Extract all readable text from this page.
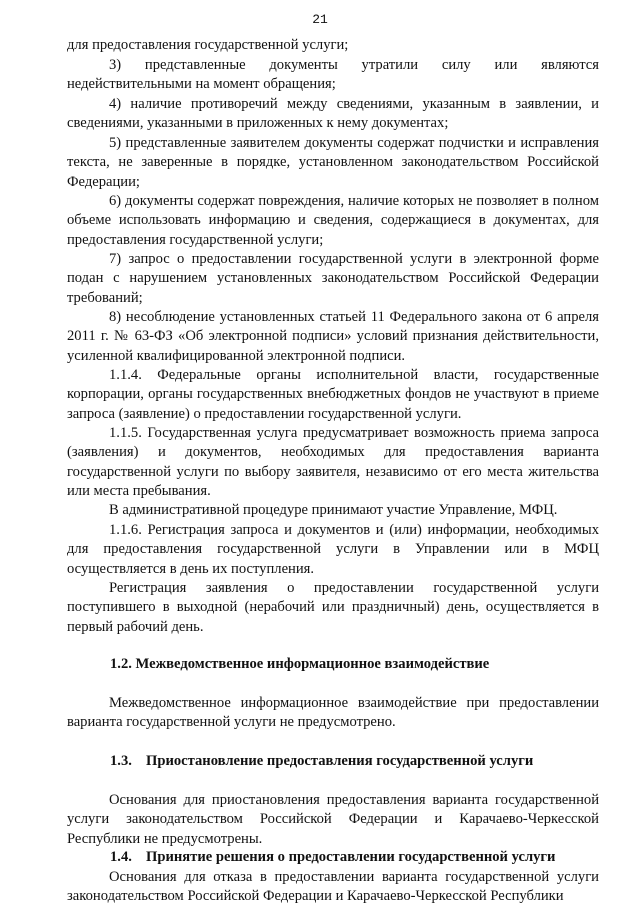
21

для предоставления государственной услуги;

3) представленные документы утратили силу или являются недействительными на момент обращения;

4) наличие противоречий между сведениями, указанным в заявлении, и сведениями, указанными в приложенных к нему документах;

5) представленные заявителем документы содержат подчистки и исправления текста, не заверенные в порядке, установленном законодательством Российской Федерации;

6) документы содержат повреждения, наличие которых не позволяет в полном объеме использовать информацию и сведения, содержащиеся в документах, для предоставления государственной услуги;

7) запрос о предоставлении государственной услуги в электронной форме подан с нарушением установленных законодательством Российской Федерации требований;

8) несоблюдение установленных статьей 11 Федерального закона от 6 апреля 2011 г. № 63-ФЗ «Об электронной подписи» условий признания действительности, усиленной квалифицированной электронной подписи.

1.1.4. Федеральные органы исполнительной власти, государственные корпорации, органы государственных внебюджетных фондов не участвуют в приеме запроса (заявление) о предоставлении государственной услуги.

1.1.5. Государственная услуга предусматривает возможность приема запроса (заявления) и документов, необходимых для предоставления варианта государственной услуги по выбору заявителя, независимо от его места жительства или места пребывания.

В административной процедуре принимают участие Управление, МФЦ.

1.1.6. Регистрация запроса и документов и (или) информации, необходимых для предоставления государственной услуги в Управлении или в МФЦ осуществляется в день их поступления.

Регистрация заявления о предоставлении государственной услуги поступившего в выходной (нерабочий или праздничный) день, осуществляется в первый рабочий день.

1.2. Межведомственное информационное взаимодействие

Межведомственное информационное взаимодействие при предоставлении варианта государственной услуги не предусмотрено.

1.3. Приостановление предоставления государственной услуги

Основания для приостановления предоставления варианта государственной услуги законодательством Российской Федерации и Карачаево-Черкесской Республики не предусмотрены.

1.4. Принятие решения о предоставлении государственной услуги

Основания для отказа в предоставлении варианта государственной услуги законодательством Российской Федерации и Карачаево-Черкесской Республики
